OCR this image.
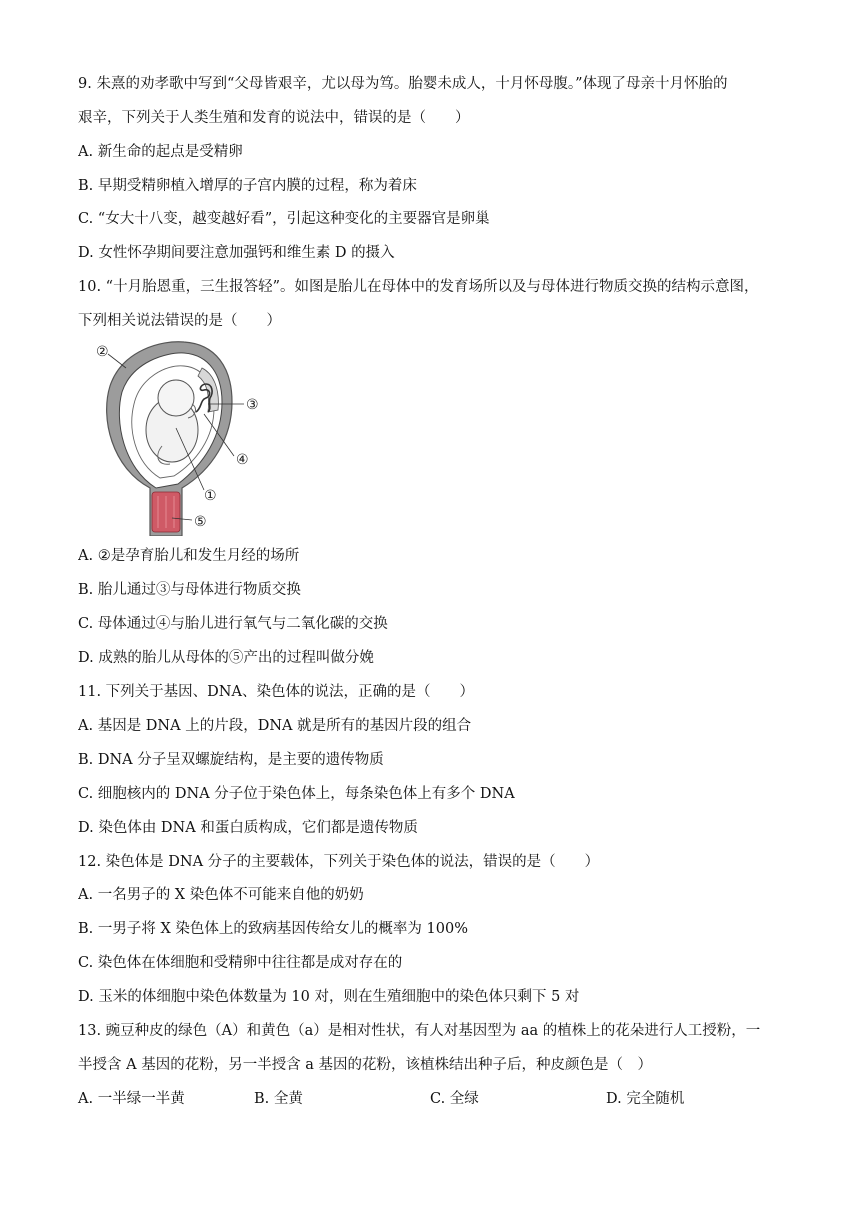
9. 朱熹的劝孝歌中写到“父母皆艰辛，尤以母为笃。胎婴未成人，十月怀母腹。”体现了母亲十月怀胎的
艰辛，下列关于人类生殖和发育的说法中，错误的是（　　）
A. 新生命的起点是受精卵
B. 早期受精卵植入增厚的子宫内膜的过程，称为着床
C. “女大十八变，越变越好看”，引起这种变化的主要器官是卵巢
D. 女性怀孕期间要注意加强钙和维生素 D 的摄入
10. “十月胎恩重，三生报答轻”。如图是胎儿在母体中的发育场所以及与母体进行物质交换的结构示意图，
下列相关说法错误的是（　　）
②
③
④
①
⑤
A. ②是孕育胎儿和发生月经的场所
B. 胎儿通过③与母体进行物质交换
C. 母体通过④与胎儿进行氧气与二氧化碳的交换
D. 成熟的胎儿从母体的⑤产出的过程叫做分娩
11. 下列关于基因、DNA、染色体的说法，正确的是（　　）
A. 基因是 DNA 上的片段，DNA 就是所有的基因片段的组合
B. DNA 分子呈双螺旋结构，是主要的遗传物质
C. 细胞核内的 DNA 分子位于染色体上，每条染色体上有多个 DNA
D. 染色体由 DNA 和蛋白质构成，它们都是遗传物质
12. 染色体是 DNA 分子的主要载体，下列关于染色体的说法，错误的是（　　）
A. 一名男子的 X 染色体不可能来自他的奶奶
B. 一男子将 X 染色体上的致病基因传给女儿的概率为 100%
C. 染色体在体细胞和受精卵中往往都是成对存在的
D. 玉米的体细胞中染色体数量为 10 对，则在生殖细胞中的染色体只剩下 5 对
13. 豌豆种皮的绿色（A）和黄色（a）是相对性状，有人对基因型为 aa 的植株上的花朵进行人工授粉，一
半授含 A 基因的花粉，另一半授含 a 基因的花粉，该植株结出种子后，种皮颜色是（　）
A. 一半绿一半黄	B. 全黄	C. 全绿	D. 完全随机
